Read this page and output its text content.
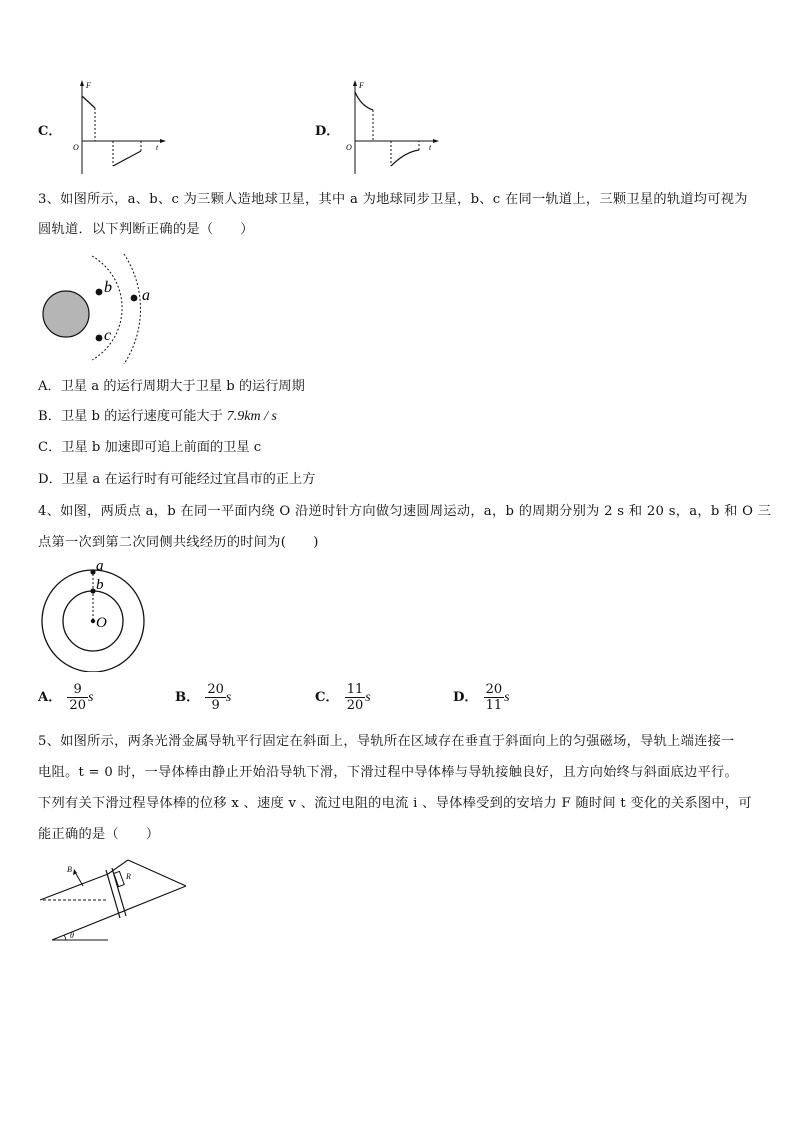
C．
F
O	t
D．
F
O	t
3、如图所示，a、b、c 为三颗人造地球卫星，其中 a 为地球同步卫星，b、c 在同一轨道上，三颗卫星的轨道均可视为
圆轨道．以下判断正确的是（　　）
b
c
a
A．卫星 a 的运行周期大于卫星 b 的运行周期
B．卫星 b 的运行速度可能大于 7.9km / s
C．卫星 b 加速即可追上前面的卫星 c
D．卫星 a 在运行时有可能经过宜昌市的正上方
4、如图，两质点 a，b 在同一平面内绕 O 沿逆时针方向做匀速圆周运动，a，b 的周期分别为 2 s 和 20 s，a，b 和 O 三
点第一次到第二次同侧共线经历的时间为(　　)
a
b
O
A． $\frac{9}{20}$ s	B． $\frac{20}{9}$ s	C． $\frac{11}{20}$ s	D． $\frac{20}{11}$ s
5、如图所示，两条光滑金属导轨平行固定在斜面上，导轨所在区域存在垂直于斜面向上的匀强磁场，导轨上端连接一
电阻。t = 0 时，一导体棒由静止开始沿导轨下滑，下滑过程中导体棒与导轨接触良好，且方向始终与斜面底边平行。
下列有关下滑过程导体棒的位移 x 、速度 v 、流过电阻的电流 i 、导体棒受到的安培力 F 随时间 t 变化的关系图中，可
能正确的是（　　）
B
R
θ
